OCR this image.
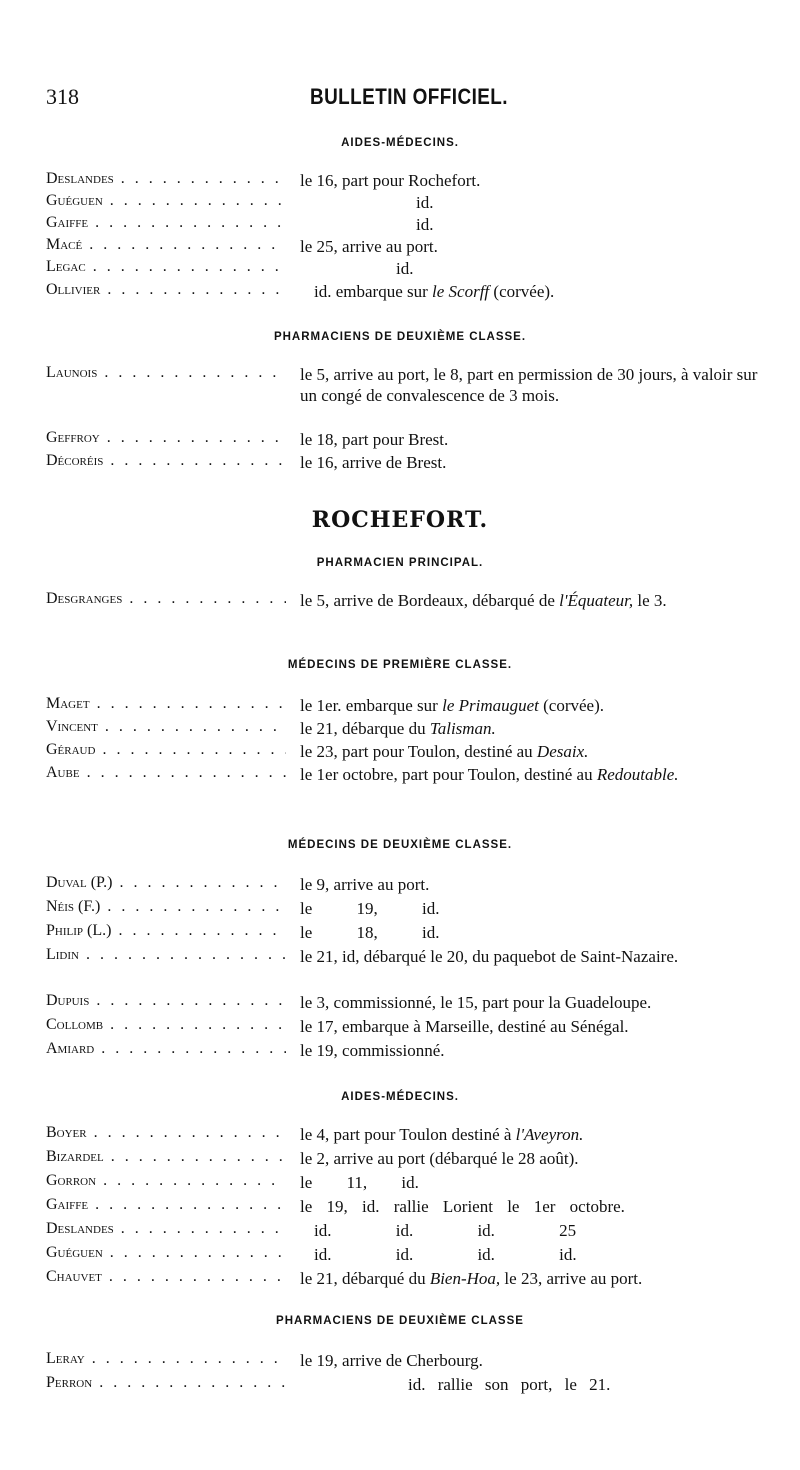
318	BULLETIN OFFICIEL.
AIDES-MÉDECINS.
Deslandes . . .	le 16, part pour Rochefort.
Guéguen . . .	id.
Gaiffe . . .	id.
Macé . . .	le 25, arrive au port.
Legac . . .	id.
Ollivier . . .	id. embarque sur le Scorff (corvée).
PHARMACIENS DE DEUXIÈME CLASSE.
Launois . . .	le 5, arrive au port, le 8, part en permission de 30 jours, à valoir sur un congé de convalescence de 3 mois.
Geffroy . . .	le 18, part pour Brest.
Décoréis . . .	le 16, arrive de Brest.
ROCHEFORT.
PHARMACIEN PRINCIPAL.
Desgranges . . .	le 5, arrive de Bordeaux, débarqué de l'Équateur, le 3.
MÉDECINS DE PREMIÈRE CLASSE.
Maget . . .	le 1er. embarque sur le Primauguet (corvée).
Vincent . . .	le 21, débarque du Talisman.
Géraud . . .	le 23, part pour Toulon, destiné au Desaix.
Aube . . .	le 1er octobre, part pour Toulon, destiné au Redoutable.
MÉDECINS DE DEUXIÈME CLASSE.
Duval (P.) . . .	le 9, arrive au port.
Néis (F.) . . .	le 19, id.
Philip (L.) . . .	le 18, id.
Lidin . . .	le 21, id, débarqué le 20, du paquebot de Saint-Nazaire.
Dupuis . . .	le 3, commissionné, le 15, part pour la Guadeloupe.
Collomb . . .	le 17, embarque à Marseille, destiné au Sénégal.
Amiard . . .	le 19, commissionné.
AIDES-MÉDECINS.
Boyer . . .	le 4, part pour Toulon destiné à l'Aveyron.
Bizardel . . .	le 2, arrive au port (débarqué le 28 août).
Gorron . . .	le 11, id.
Gaiffe . . .	le 19, id. rallie Lorient le 1er octobre.
Deslandes . . .	id. id. id. 25
Guéguen . . .	id. id. id. id.
Chauvet . . .	le 21, débarqué du Bien-Hoa, le 23, arrive au port.
PHARMACIENS DE DEUXIÈME CLASSE
Leray . . .	le 19, arrive de Cherbourg.
Perron . . .	id. rallie son port, le 21.
